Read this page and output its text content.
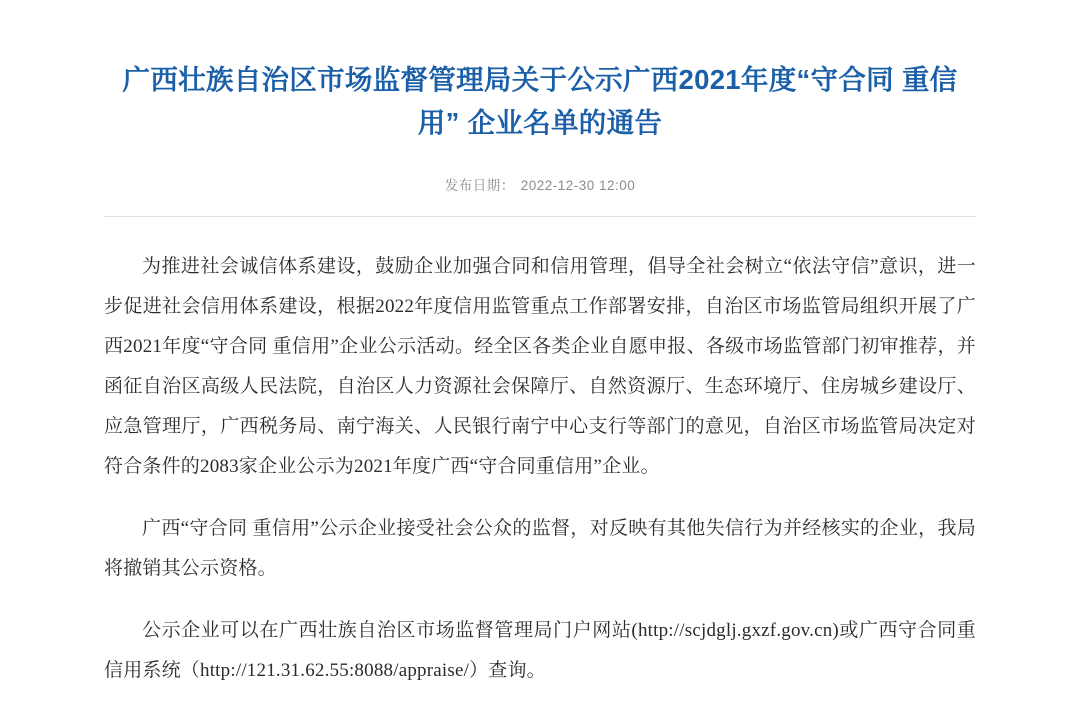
广西壮族自治区市场监督管理局关于公示广西2021年度“守合同 重信用” 企业名单的通告
发布日期： 2022-12-30 12:00

为推进社会诚信体系建设，鼓励企业加强合同和信用管理，倡导全社会树立“依法守信”意识，进一步促进社会信用体系建设，根据2022年度信用监管重点工作部署安排，自治区市场监管局组织开展了广西2021年度“守合同 重信用”企业公示活动。经全区各类企业自愿申报、各级市场监管部门初审推荐，并函征自治区高级人民法院，自治区人力资源社会保障厅、自然资源厅、生态环境厅、住房城乡建设厅、应急管理厅，广西税务局、南宁海关、人民银行南宁中心支行等部门的意见，自治区市场监管局决定对符合条件的2083家企业公示为2021年度广西“守合同重信用”企业。

广西“守合同 重信用”公示企业接受社会公众的监督，对反映有其他失信行为并经核实的企业，我局将撤销其公示资格。

公示企业可以在广西壮族自治区市场监督管理局门户网站(http://scjdglj.gxzf.gov.cn)或广西守合同重信用系统（http://121.31.62.55:8088/appraise/）查询。
